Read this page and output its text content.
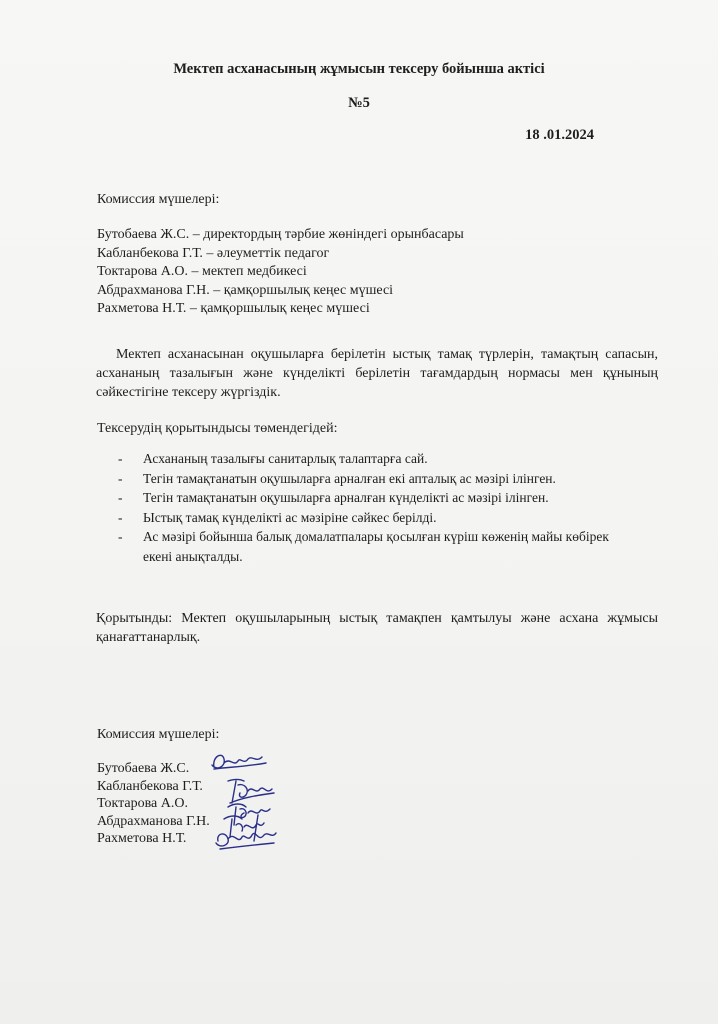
Мектеп асханасының жұмысын тексеру бойынша актісі
№5
18 .01.2024
Комиссия мүшелері:
Бутобаева Ж.С. – директордың тәрбие жөніндегі орынбасары
Кабланбекова Г.Т. – әлеуметтік педагог
Токтарова А.О. – мектеп медбикесі
Абдрахманова Г.Н. – қамқоршылық кеңес мүшесі
Рахметова Н.Т. – қамқоршылық кеңес мүшесі
Мектеп асханасынан оқушыларға берілетін ыстық тамақ түрлерін, тамақтың сапасын, асхананың тазалығын және күнделікті берілетін тағамдардың нормасы мен құнының сәйкестігіне тексеру жүргіздік.
Тексерудің қорытындысы төмендегідей:
- Асхананың тазалығы санитарлық талаптарға сай.
- Тегін тамақтанатын оқушыларға арналған екі апталық ас мәзірі ілінген.
- Тегін тамақтанатын оқушыларға арналған күнделікті ас мәзірі ілінген.
- Ыстық тамақ күнделікті ас мәзіріне сәйкес берілді.
- Ас мәзірі бойынша балық домалатпалары қосылған күріш көженің майы көбірек екені анықталды.
Қорытынды: Мектеп оқушыларының ыстық тамақпен қамтылуы және асхана жұмысы қанағаттанарлық.
Комиссия мүшелері:
Бутобаева Ж.С.
Кабланбекова Г.Т.
Токтарова А.О.
Абдрахманова Г.Н.
Рахметова Н.Т.
